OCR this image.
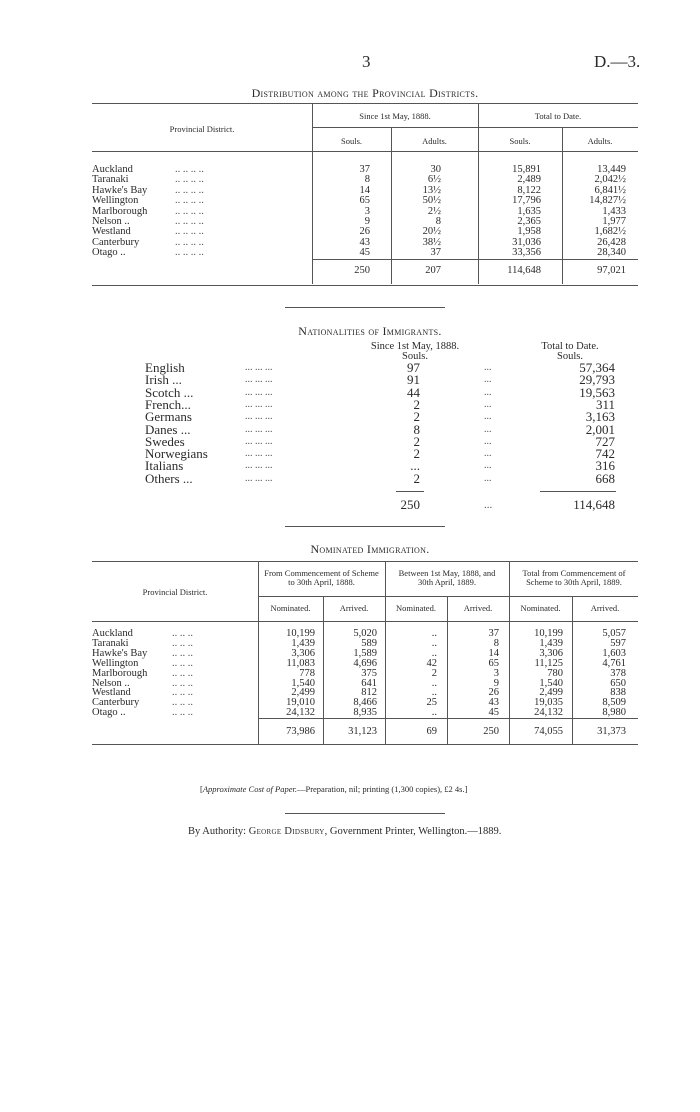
3	D.—3.
Distribution among the Provincial Districts.
Provincial District.
Since 1st May, 1888.	Total to Date.
Souls.	Adults.	Souls.	Adults.
Auckland	.. .. .. ..	37	30	15,891	13,449
Taranaki	.. .. .. ..	8	6½	2,489	2,042½
Hawke's Bay	.. .. .. ..	14	13½	8,122	6,841½
Wellington	.. .. .. ..	65	50½	17,796	14,827½
Marlborough	.. .. .. ..	3	2½	1,635	1,433
Nelson ..	.. .. .. ..	9	8	2,365	1,977
Westland	.. .. .. ..	26	20½	1,958	1,682½
Canterbury	.. .. .. ..	43	38½	31,036	26,428
Otago ..	.. .. .. ..	45	37	33,356	28,340
250	207	114,648	97,021
Nationalities of Immigrants.
Since 1st May, 1888.
Souls.
Total to Date.
Souls.
English	... ... ...	97	...	57,364
Irish ...	... ... ...	91	...	29,793
Scotch ...	... ... ...	44	...	19,563
French...	... ... ...	2	...	311
Germans	... ... ...	2	...	3,163
Danes ...	... ... ...	8	...	2,001
Swedes	... ... ...	2	...	727
Norwegians	... ... ...	2	...	742
Italians	... ... ...	...	...	316
Others ...	... ... ...	2	...	668
250	...	114,648
Nominated Immigration.
Provincial District.
From Commencement of Scheme to 30th April, 1888.
Between 1st May, 1888, and 30th April, 1889.
Total from Commencement of Scheme to 30th April, 1889.
Nominated.	Arrived.	Nominated.	Arrived.	Nominated.	Arrived.
Auckland	.. .. ..	10,199	5,020	..	37	10,199	5,057
Taranaki	.. .. ..	1,439	589	..	8	1,439	597
Hawke's Bay .. .. ..	3,306	1,589	..	14	3,306	1,603
Wellington	.. .. ..	11,083	4,696	42	65	11,125	4,761
Marlborough .. .. ..	778	375	2	3	780	378
Nelson ..	.. .. ..	1,540	641	..	9	1,540	650
Westland	.. .. ..	2,499	812	..	26	2,499	838
Canterbury	.. .. ..	19,010	8,466	25	43	19,035	8,509
Otago ..	.. .. ..	24,132	8,935	..	45	24,132	8,980
73,986	31,123	69	250	74,055	31,373
[Approximate Cost of Paper.—Preparation, nil; printing (1,300 copies), £2 4s.]
By Authority: George Didsbury, Government Printer, Wellington.—1889.
